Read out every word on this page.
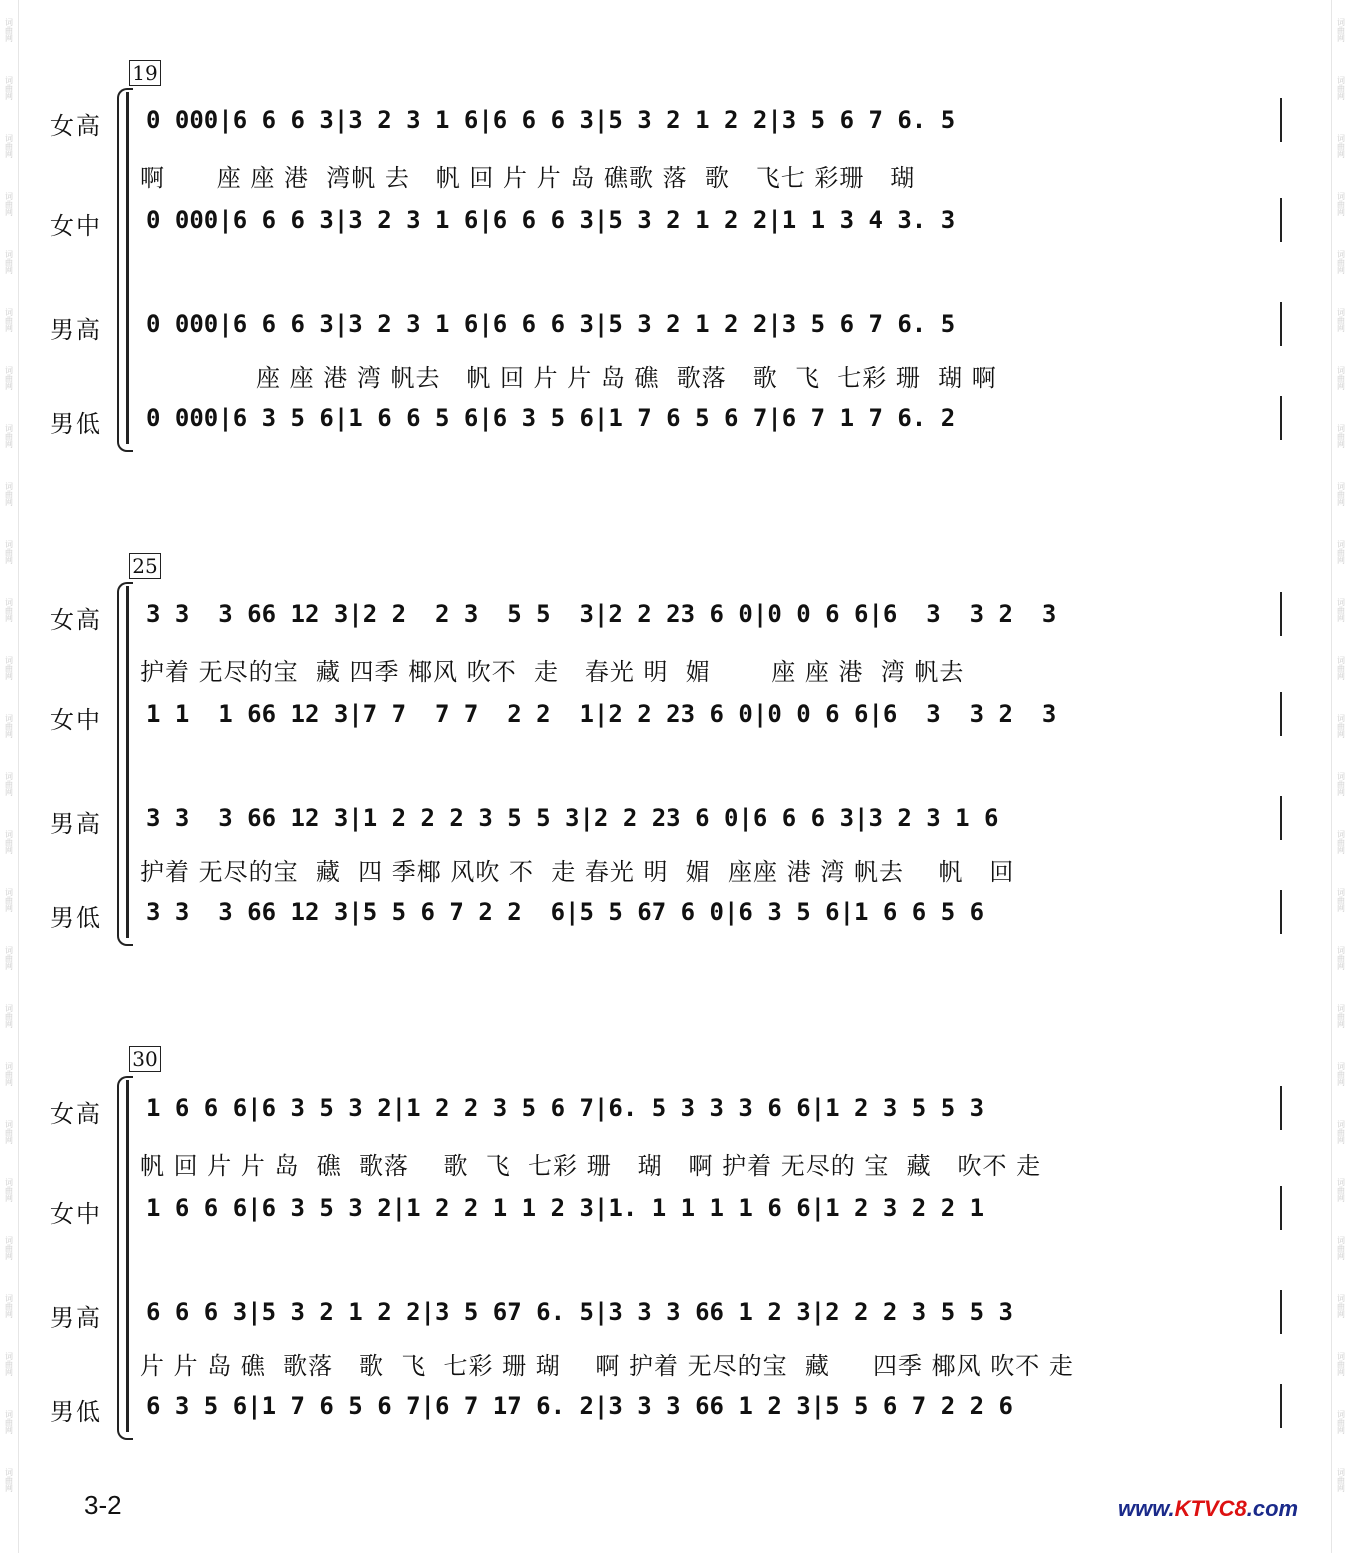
词曲网
词曲网
词曲网
词曲网
词曲网
词曲网
词曲网
词曲网
词曲网
词曲网
词曲网
词曲网
词曲网
词曲网
词曲网
词曲网
词曲网
词曲网
词曲网
词曲网
词曲网
词曲网
词曲网
词曲网
词曲网
词曲网
词曲网
词曲网
词曲网
词曲网
词曲网
词曲网
词曲网
词曲网
词曲网
词曲网
词曲网
词曲网
词曲网
词曲网
词曲网
词曲网
词曲网
词曲网
词曲网
词曲网
词曲网
词曲网
词曲网
词曲网
词曲网
词曲网
19
女高 0 000|6 6 6 3|3 2 3 1 6|6 6 6 3|5 3 2 1 2 2|3 5 6 7 6. 5
啊      座 座 港  湾帆 去   帆 回 片 片 岛 礁歌 落  歌   飞七 彩珊   瑚
女中 0 000|6 6 6 3|3 2 3 1 6|6 6 6 3|5 3 2 1 2 2|1 1 3 4 3. 3
男高 0 000|6 6 6 3|3 2 3 1 6|6 6 6 3|5 3 2 1 2 2|3 5 6 7 6. 5
座 座 港 湾 帆去   帆 回 片 片 岛 礁  歌落   歌  飞  七彩 珊  瑚 啊
男低 0 000|6 3 5 6|1 6 6 5 6|6 3 5 6|1 7 6 5 6 7|6 7 1 7 6. 2
25
女高 3 3  3 66 12 3|2 2  2 3  5 5  3|2 2 23 6 0|0 0 6 6|6  3  3 2  3
护着 无尽的宝  藏 四季 椰风 吹不  走   春光 明  媚       座 座 港  湾 帆去
女中 1 1  1 66 12 3|7 7  7 7  2 2  1|2 2 23 6 0|0 0 6 6|6  3  3 2  3
男高 3 3  3 66 12 3|1 2 2 2 3 5 5 3|2 2 23 6 0|6 6 6 3|3 2 3 1 6
护着 无尽的宝  藏  四 季椰 风吹 不  走 春光 明  媚  座座 港 湾 帆去    帆   回
男低 3 3  3 66 12 3|5 5 6 7 2 2  6|5 5 67 6 0|6 3 5 6|1 6 6 5 6
30
女高 1 6 6 6|6 3 5 3 2|1 2 2 3 5 6 7|6. 5 3 3 3 6 6|1 2 3 5 5 3
帆 回 片 片 岛  礁  歌落    歌  飞  七彩 珊   瑚   啊 护着 无尽的 宝  藏   吹不 走
女中 1 6 6 6|6 3 5 3 2|1 2 2 1 1 2 3|1. 1 1 1 1 6 6|1 2 3 2 2 1
男高 6 6 6 3|5 3 2 1 2 2|3 5 67 6. 5|3 3 3 66 1 2 3|2 2 2 3 5 5 3
片 片 岛 礁  歌落   歌  飞  七彩 珊 瑚    啊 护着 无尽的宝  藏     四季 椰风 吹不 走
男低 6 3 5 6|1 7 6 5 6 7|6 7 17 6. 2|3 3 3 66 1 2 3|5 5 6 7 2 2 6
3-2	www.KTVC8.com
